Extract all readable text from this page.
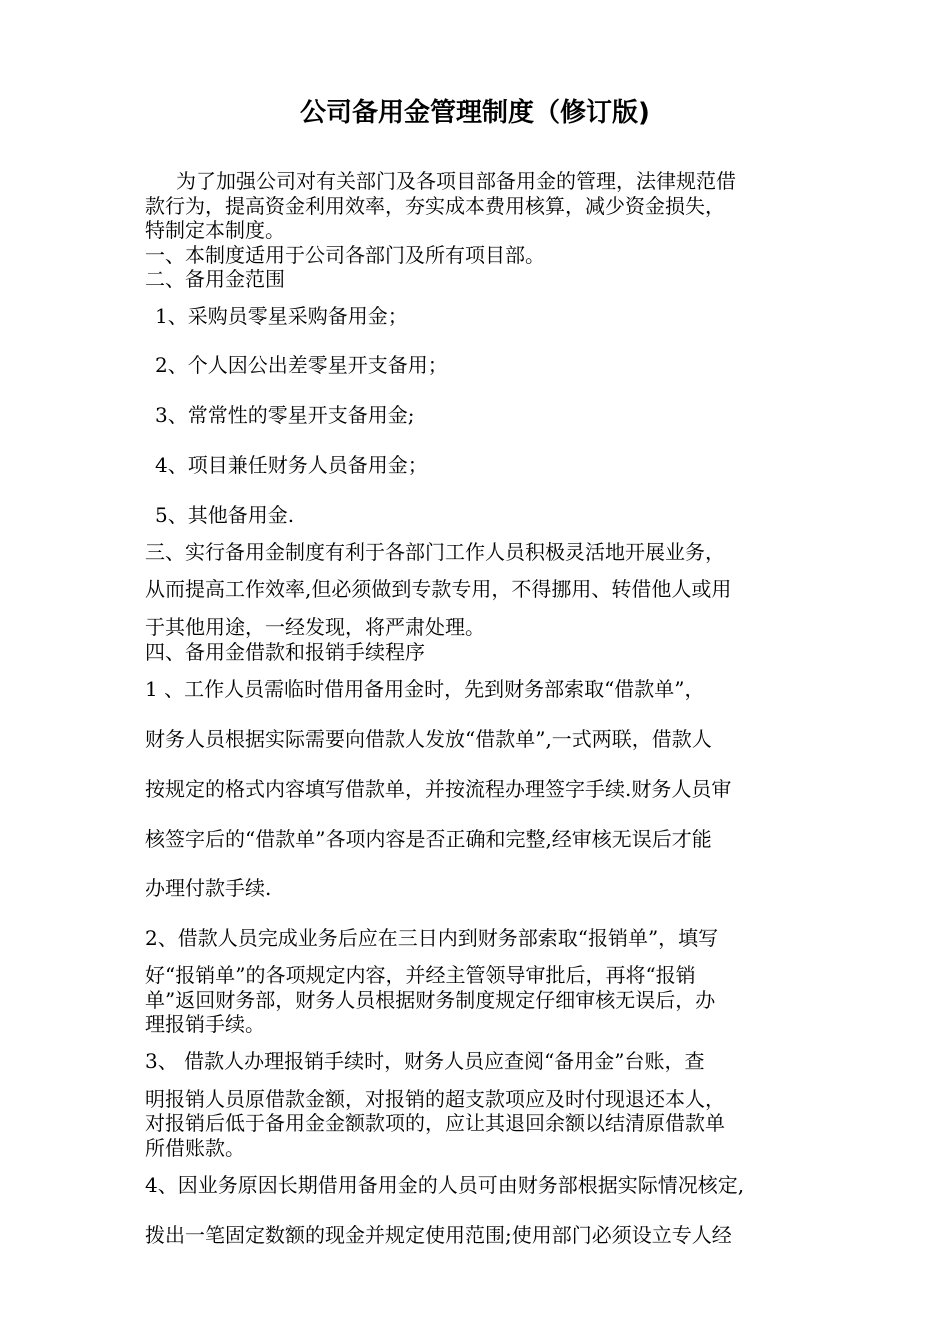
公司备用金管理制度（修订版)
为了加强公司对有关部门及各项目部备用金的管理，法律规范借
款行为，提高资金利用效率，夯实成本费用核算，减少资金损失，
特制定本制度。
一、本制度适用于公司各部门及所有项目部。
二、备用金范围
1、采购员零星采购备用金；
2、个人因公出差零星开支备用；
3、常常性的零星开支备用金;
4、项目兼任财务人员备用金；
5、其他备用金.
三、实行备用金制度有利于各部门工作人员积极灵活地开展业务，
从而提高工作效率,但必须做到专款专用，不得挪用、转借他人或用
于其他用途，一经发现，将严肃处理。
四、备用金借款和报销手续程序
1 、工作人员需临时借用备用金时，先到财务部索取“借款单”，
财务人员根据实际需要向借款人发放“借款单”,一式两联，借款人
按规定的格式内容填写借款单，并按流程办理签字手续.财务人员审
核签字后的“借款单”各项内容是否正确和完整,经审核无误后才能
办理付款手续.
2、借款人员完成业务后应在三日内到财务部索取“报销单”，填写
好“报销单”的各项规定内容，并经主管领导审批后，再将“报销
单”返回财务部，财务人员根据财务制度规定仔细审核无误后，办
理报销手续。
3、 借款人办理报销手续时，财务人员应查阅“备用金”台账，查
明报销人员原借款金额，对报销的超支款项应及时付现退还本人，
对报销后低于备用金金额款项的，应让其退回余额以结清原借款单
所借账款。
4、因业务原因长期借用备用金的人员可由财务部根据实际情况核定,
拨出一笔固定数额的现金并规定使用范围;使用部门必须设立专人经
